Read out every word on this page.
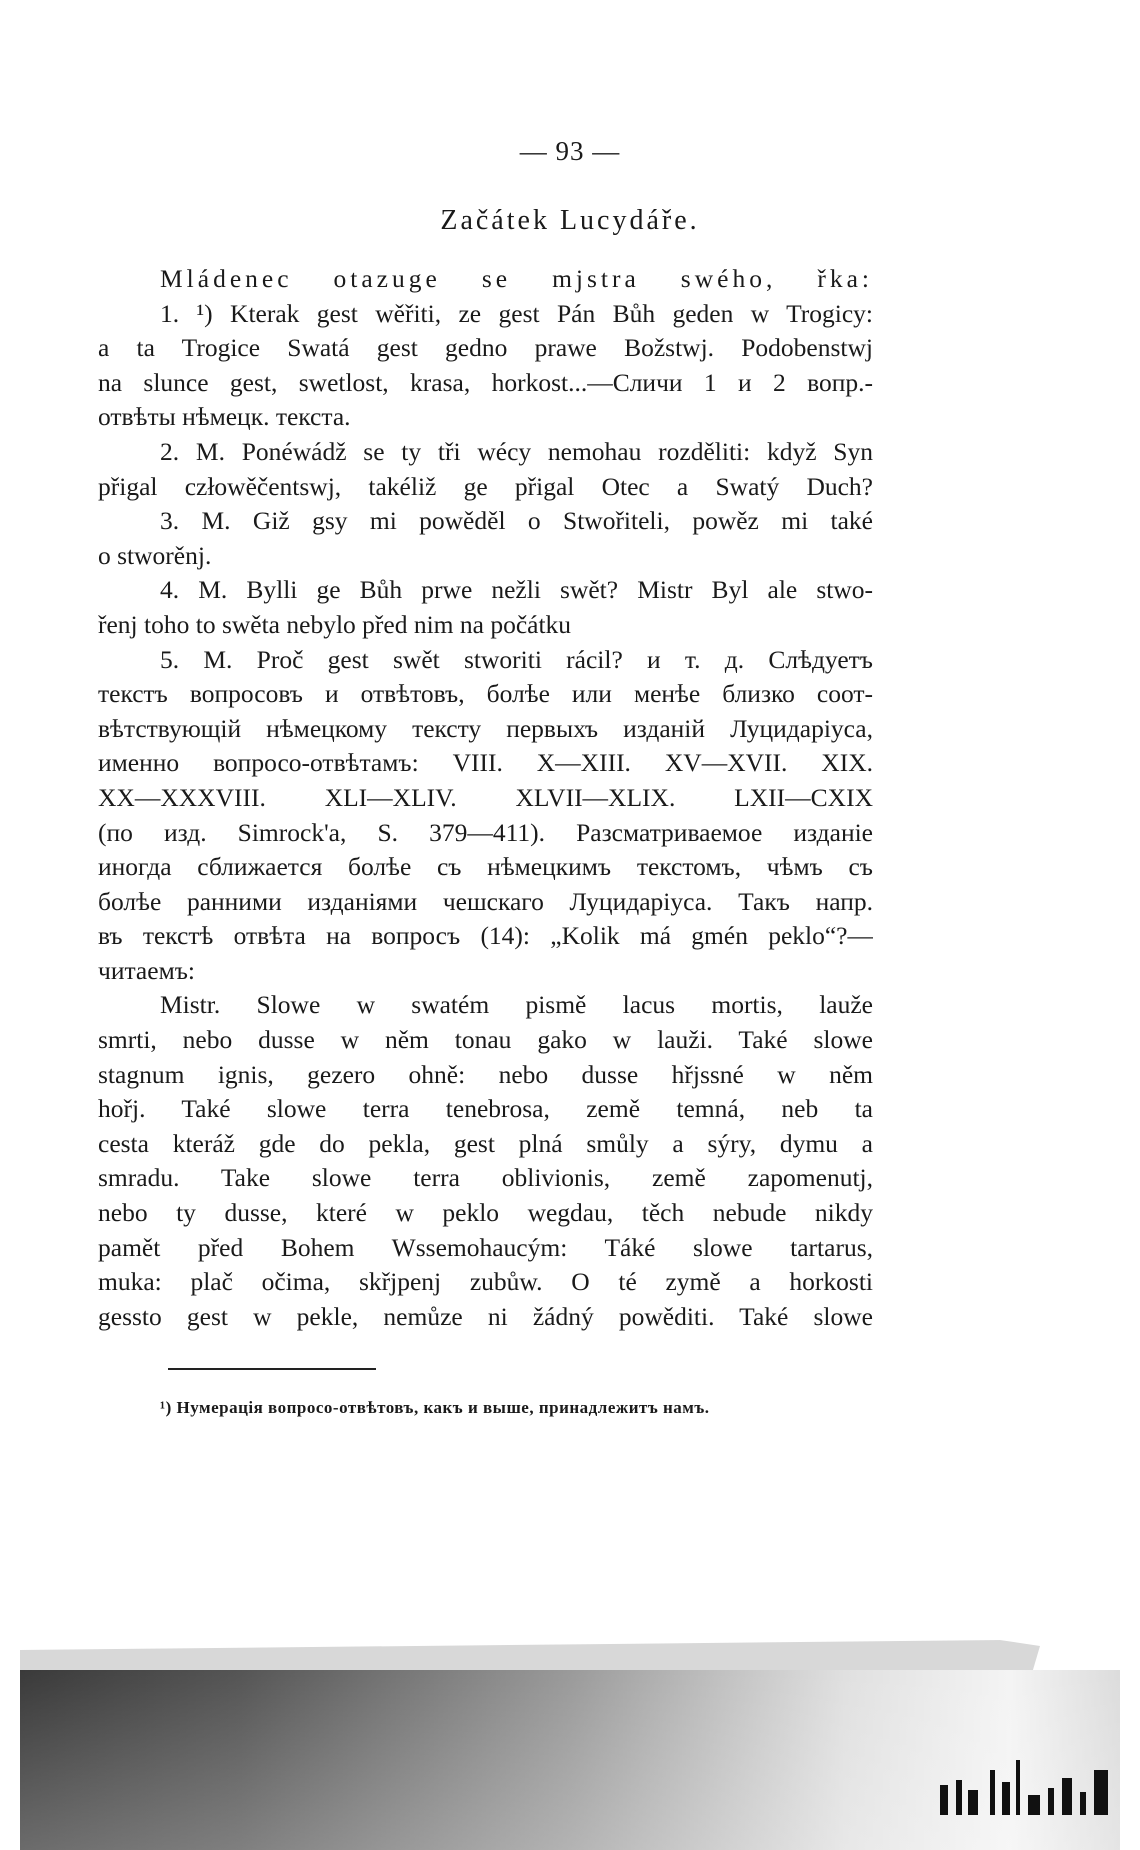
— 93 —
Začátek Lucydáře.
Mládenec otazuge se mjstra swého, řka:
1. ¹) Kterak gest wěřiti, ze gest Pán Bůh geden w Trogicy:
a ta Trogice Swatá gest gedno prawe Božstwj. Podobenstwj
na slunce gest, swetlost, krasa, horkost...—Сличи 1 и 2 вопр.-
отвѣты нѣмецк. текста.
2. M. Ponéwádž se ty tři wécy nemohau rozděliti: když Syn
přigal człowěčentswj, takéliž ge přigal Otec a Swatý Duch?
3. M. Giž gsy mi powěděl o Stwořiteli, powěz mi také
o stworěnj.
4. M. Bylli ge Bůh prwe nežli swět? Mistr Byl ale stwo-
řenj toho to swěta nebylo před nim na počátku
5. M. Proč gest swět stworiti rácil? и т. д. Слѣдуетъ
текстъ вопросовъ и отвѣтовъ, болѣе или менѣе близко соот-
вѣтствующій нѣмецкому тексту первыхъ изданій Луцидаріуса,
именно вопросо-отвѣтамъ: VIII. X—XIII. XV—XVII. XIX.
XX—XXXVIII. XLI—XLIV. XLVII—XLIX. LXII—CXIX
(по изд. Simrock'a, S. 379—411). Разсматриваемое изданіе
иногда сближается болѣе съ нѣмецкимъ текстомъ, чѣмъ съ
болѣе ранними изданіями чешскаго Луцидаріуса. Такъ напр.
въ текстѣ отвѣта на вопросъ (14): „Kolik má gmén peklo“?—
читаемъ:
Mistr. Slowe w swatém pismě lacus mortis, lauže
smrti, nebo dusse w něm tonau gako w lauži. Také slowe
stagnum ignis, gezero ohně: nebo dusse hřjssné w něm
hořj. Také slowe terra tenebrosa, země temná, neb ta
cesta kteráž gde do pekla, gest plná smůly a sýry, dymu a
smradu. Take slowe terra oblivionis, země zapomenutj,
nebo ty dusse, které w peklo wegdau, těch nebude nikdy
pamět před Bohem Wssemohaucým: Táké slowe tartarus,
muka: plač očima, skřjpenj zubůw. O té zymě a horkosti
gessto gest w pekle, nemůze ni žádný powěditi. Také slowe
¹) Нумерація вопросо-отвѣтовъ, какъ и выше, принадлежитъ намъ.
